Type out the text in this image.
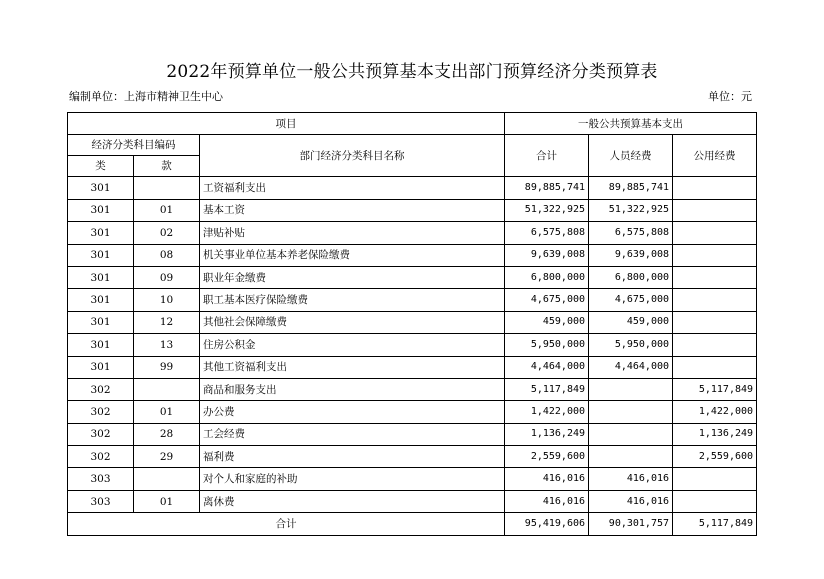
2022年预算单位一般公共预算基本支出部门预算经济分类预算表
编制单位：上海市精神卫生中心	单位：元
项目			一般公共预算基本支出		
经济分类科目编码		部门经济分类科目名称	合计	人员经费	公用经费
类	款				
301		工资福利支出	89,885,741	89,885,741	
301	01	基本工资	51,322,925	51,322,925	
301	02	津贴补贴	6,575,808	6,575,808	
301	08	机关事业单位基本养老保险缴费	9,639,008	9,639,008	
301	09	职业年金缴费	6,800,000	6,800,000	
301	10	职工基本医疗保险缴费	4,675,000	4,675,000	
301	12	其他社会保障缴费	459,000	459,000	
301	13	住房公积金	5,950,000	5,950,000	
301	99	其他工资福利支出	4,464,000	4,464,000	
302		商品和服务支出	5,117,849		5,117,849
302	01	办公费	1,422,000		1,422,000
302	28	工会经费	1,136,249		1,136,249
302	29	福利费	2,559,600		2,559,600
303		对个人和家庭的补助	416,016	416,016	
303	01	离休费	416,016	416,016	
合计			95,419,606	90,301,757	5,117,849
